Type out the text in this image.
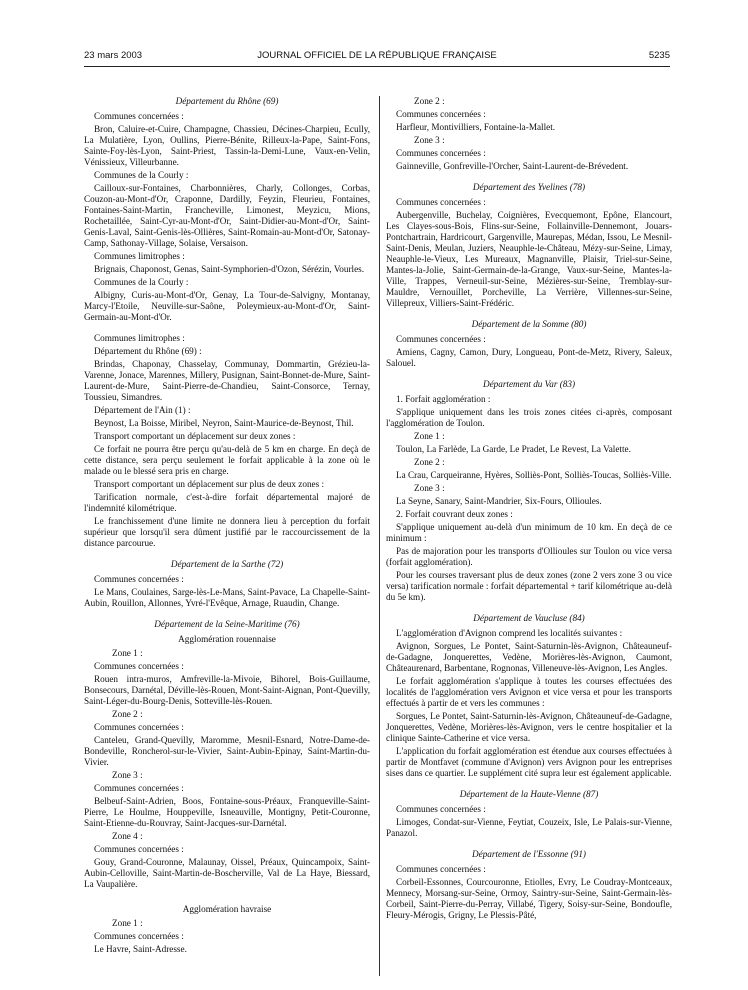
23 mars 2003	JOURNAL OFFICIEL DE LA RÉPUBLIQUE FRANÇAISE	5235
Département du Rhône (69)
Communes concernées :
Bron, Caluire-et-Cuire, Champagne, Chassieu, Décines-Charpieu, Ecully, La Mulatière, Lyon, Oullins, Pierre-Bénite, Rilleux-la-Pape, Saint-Fons, Sainte-Foy-lès-Lyon, Saint-Priest, Tassin-la-Demi-Lune, Vaux-en-Velin, Vénissieux, Villeurbanne.
Communes de la Courly :
Cailloux-sur-Fontaines, Charbonnières, Charly, Collonges, Corbas, Couzon-au-Mont-d'Or, Craponne, Dardilly, Feyzin, Fleurieu, Fontaines, Fontaines-Saint-Martin, Francheville, Limonest, Meyzicu, Mions, Rochetaillée, Saint-Cyr-au-Mont-d'Or, Saint-Didier-au-Mont-d'Or, Saint-Genis-Laval, Saint-Genis-lès-Ollières, Saint-Romain-au-Mont-d'Or, Satonay-Camp, Sathonay-Village, Solaise, Versaison.
Communes limitrophes :
Brignais, Chaponost, Genas, Saint-Symphorien-d'Ozon, Sérézin, Vourles.
Communes de la Courly :
Albigny, Curis-au-Mont-d'Or, Genay, La Tour-de-Salvigny, Montanay, Marcy-l'Etoile, Neuville-sur-Saône, Poleymieux-au-Mont-d'Or, Saint-Germain-au-Mont-d'Or.
Communes limitrophes :
Département du Rhône (69) :
Brindas, Chaponay, Chasselay, Communay, Dommartin, Grézieu-la-Varenne, Jonace, Marennes, Millery, Pusignan, Saint-Bonnet-de-Mure, Saint-Laurent-de-Mure, Saint-Pierre-de-Chandieu, Saint-Consorce, Ternay, Toussieu, Simandres.
Département de l'Ain (1) :
Beynost, La Boisse, Miribel, Neyron, Saint-Maurice-de-Beynost, Thil.
Transport comportant un déplacement sur deux zones :
Ce forfait ne pourra être perçu qu'au-delà de 5 km en charge. En deçà de cette distance, sera perçu seulement le forfait applicable à la zone où le malade ou le blessé sera pris en charge.
Transport comportant un déplacement sur plus de deux zones :
Tarification normale, c'est-à-dire forfait départemental majoré de l'indemnité kilométrique.
Le franchissement d'une limite ne donnera lieu à perception du forfait supérieur que lorsqu'il sera dûment justifié par le raccourcissement de la distance parcourue.
Département de la Sarthe (72)
Communes concernées :
Le Mans, Coulaines, Sarge-lès-Le-Mans, Saint-Pavace, La Chapelle-Saint-Aubin, Rouillon, Allonnes, Yvré-l'Evêque, Arnage, Ruaudin, Change.
Département de la Seine-Maritime (76)
Agglomération rouennaise
Zone 1 :
Communes concernées :
Rouen intra-muros, Amfreville-la-Mivoie, Bihorel, Bois-Guillaume, Bonsecours, Darnétal, Déville-lès-Rouen, Mont-Saint-Aignan, Pont-Quevilly, Saint-Léger-du-Bourg-Denis, Sotteville-lès-Rouen.
Zone 2 :
Communes concernées :
Canteleu, Grand-Quevilly, Maromme, Mesnil-Esnard, Notre-Dame-de-Bondeville, Roncherol-sur-le-Vivier, Saint-Aubin-Epinay, Saint-Martin-du-Vivier.
Zone 3 :
Communes concernées :
Belbeuf-Saint-Adrien, Boos, Fontaine-sous-Préaux, Franqueville-Saint-Pierre, Le Houlme, Houppeville, Isneauville, Montigny, Petit-Couronne, Saint-Etienne-du-Rouvray, Saint-Jacques-sur-Darnétal.
Zone 4 :
Communes concernées :
Gouy, Grand-Couronne, Malaunay, Oissel, Préaux, Quincampoix, Saint-Aubin-Celloville, Saint-Martin-de-Boscherville, Val de La Haye, Biessard, La Vaupalière.
Agglomération havraise
Zone 1 :
Communes concernées :
Le Havre, Saint-Adresse.
Zone 2 :
Communes concernées :
Harfleur, Montivilliers, Fontaine-la-Mallet.
Zone 3 :
Communes concernées :
Gainneville, Gonfreville-l'Orcher, Saint-Laurent-de-Brévedent.
Département des Yvelines (78)
Communes concernées :
Aubergenville, Buchelay, Coignières, Evecquemont, Epône, Elancourt, Les Clayes-sous-Bois, Flins-sur-Seine, Follainville-Dennemont, Jouars-Pontchartrain, Hardricourt, Gargenville, Maurepas, Médan, Issou, Le Mesnil-Saint-Denis, Meulan, Juziers, Neauphle-le-Château, Mézy-sur-Seine, Limay, Neauphle-le-Vieux, Les Mureaux, Magnanville, Plaisir, Triel-sur-Seine, Mantes-la-Jolie, Saint-Germain-de-la-Grange, Vaux-sur-Seine, Mantes-la-Ville, Trappes, Verneuil-sur-Seine, Mézières-sur-Seine, Tremblay-sur-Mauldre, Vernouillet, Porcheville, La Verrière, Villennes-sur-Seine, Villepreux, Villiers-Saint-Frédéric.
Département de la Somme (80)
Communes concernées :
Amiens, Cagny, Camon, Dury, Longueau, Pont-de-Metz, Rivery, Saleux, Salouel.
Département du Var (83)
1. Forfait agglomération :
S'applique uniquement dans les trois zones citées ci-après, composant l'agglomération de Toulon.
Zone 1 :
Toulon, La Farlède, La Garde, Le Pradet, Le Revest, La Valette.
Zone 2 :
La Crau, Carqueiranne, Hyères, Solliès-Pont, Solliès-Toucas, Solliès-Ville.
Zone 3 :
La Seyne, Sanary, Saint-Mandrier, Six-Fours, Ollioules.
2. Forfait couvrant deux zones :
S'applique uniquement au-delà d'un minimum de 10 km. En deçà de ce minimum :
Pas de majoration pour les transports d'Ollioules sur Toulon ou vice versa (forfait agglomération).
Pour les courses traversant plus de deux zones (zone 2 vers zone 3 ou vice versa) tarification normale : forfait départemental + tarif kilométrique au-delà du 5e km).
Département de Vaucluse (84)
L'agglomération d'Avignon comprend les localités suivantes :
Avignon, Sorgues, Le Pontet, Saint-Saturnin-lès-Avignon, Châteauneuf-de-Gadagne, Jonquerettes, Vedène, Morières-lès-Avignon, Caumont, Châteaurenard, Barbentane, Rognonas, Villeneuve-lès-Avignon, Les Angles.
Le forfait agglomération s'applique à toutes les courses effectuées des localités de l'agglomération vers Avignon et vice versa et pour les transports effectués à partir de et vers les communes :
Sorgues, Le Pontet, Saint-Saturnin-lès-Avignon, Châteauneuf-de-Gadagne, Jonquerettes, Vedène, Morières-lès-Avignon, vers le centre hospitalier et la clinique Sainte-Catherine et vice versa.
L'application du forfait agglomération est étendue aux courses effectuées à partir de Montfavet (commune d'Avignon) vers Avignon pour les entreprises sises dans ce quartier. Le supplément cité supra leur est également applicable.
Département de la Haute-Vienne (87)
Communes concernées :
Limoges, Condat-sur-Vienne, Feytiat, Couzeix, Isle, Le Palais-sur-Vienne, Panazol.
Département de l'Essonne (91)
Communes concernées :
Corbeil-Essonnes, Courcouronne, Etiolles, Evry, Le Coudray-Montceaux, Mennecy, Morsang-sur-Seine, Ormoy, Saintry-sur-Seine, Saint-Germain-lès-Corbeil, Saint-Pierre-du-Perray, Villabé, Tigery, Soisy-sur-Seine, Bondoufle, Fleury-Mérogis, Grigny, Le Plessis-Pâté,
